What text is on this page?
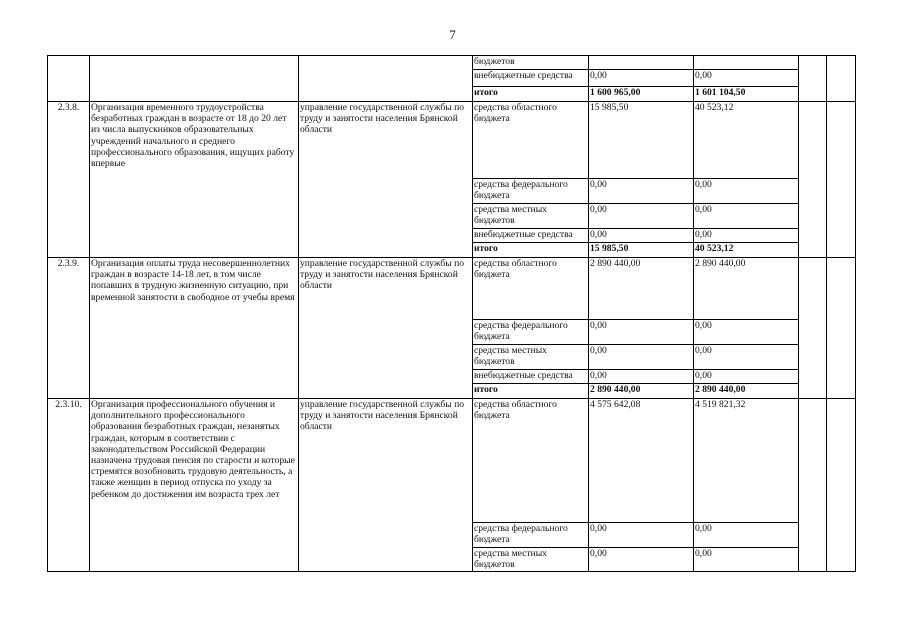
7
			бюджетов				
			внебюджетные средства	0,00	0,00		
			итого	1 600 965,00	1 601 104,50		
2.3.8.	Организация временного трудоустройства безработных граждан в возрасте от 18 до 20 лет из числа выпускников образовательных учреждений начального и среднего профессионального образования, ищущих работу впервые	управление государственной службы по труду и занятости населения Брянской области	средства областного бюджета	15 985,50	40 523,12		
			средства федерального бюджета	0,00	0,00		
			средства местных бюджетов	0,00	0,00		
			внебюджетные средства	0,00	0,00		
			итого	15 985,50	40 523,12		
2.3.9.	Организация оплаты труда несовершеннолетних граждан в возрасте 14-18 лет, в том числе попавших в трудную жизненную ситуацию, при временной занятости в свободное от учебы время	управление государственной службы по труду и занятости населения Брянской области	средства областного бюджета	2 890 440,00	2 890 440,00		
			средства федерального бюджета	0,00	0,00		
			средства местных бюджетов	0,00	0,00		
			внебюджетные средства	0,00	0,00		
			итого	2 890 440,00	2 890 440,00		
2.3.10.	Организация профессионального обучения и дополнительного профессионального образования безработных граждан, незанятых граждан, которым в соответствии с законодательством Российской Федерации назначена трудовая пенсия по старости и которые стремятся возобновить трудовую деятельность, а также женщин в период отпуска по уходу за ребенком до достижения им возраста трех лет	управление государственной службы по труду и занятости населения Брянской области	средства областного бюджета	4 575 642,08	4 519 821,32		
			средства федерального бюджета	0,00	0,00		
			средства местных бюджетов	0,00	0,00		
